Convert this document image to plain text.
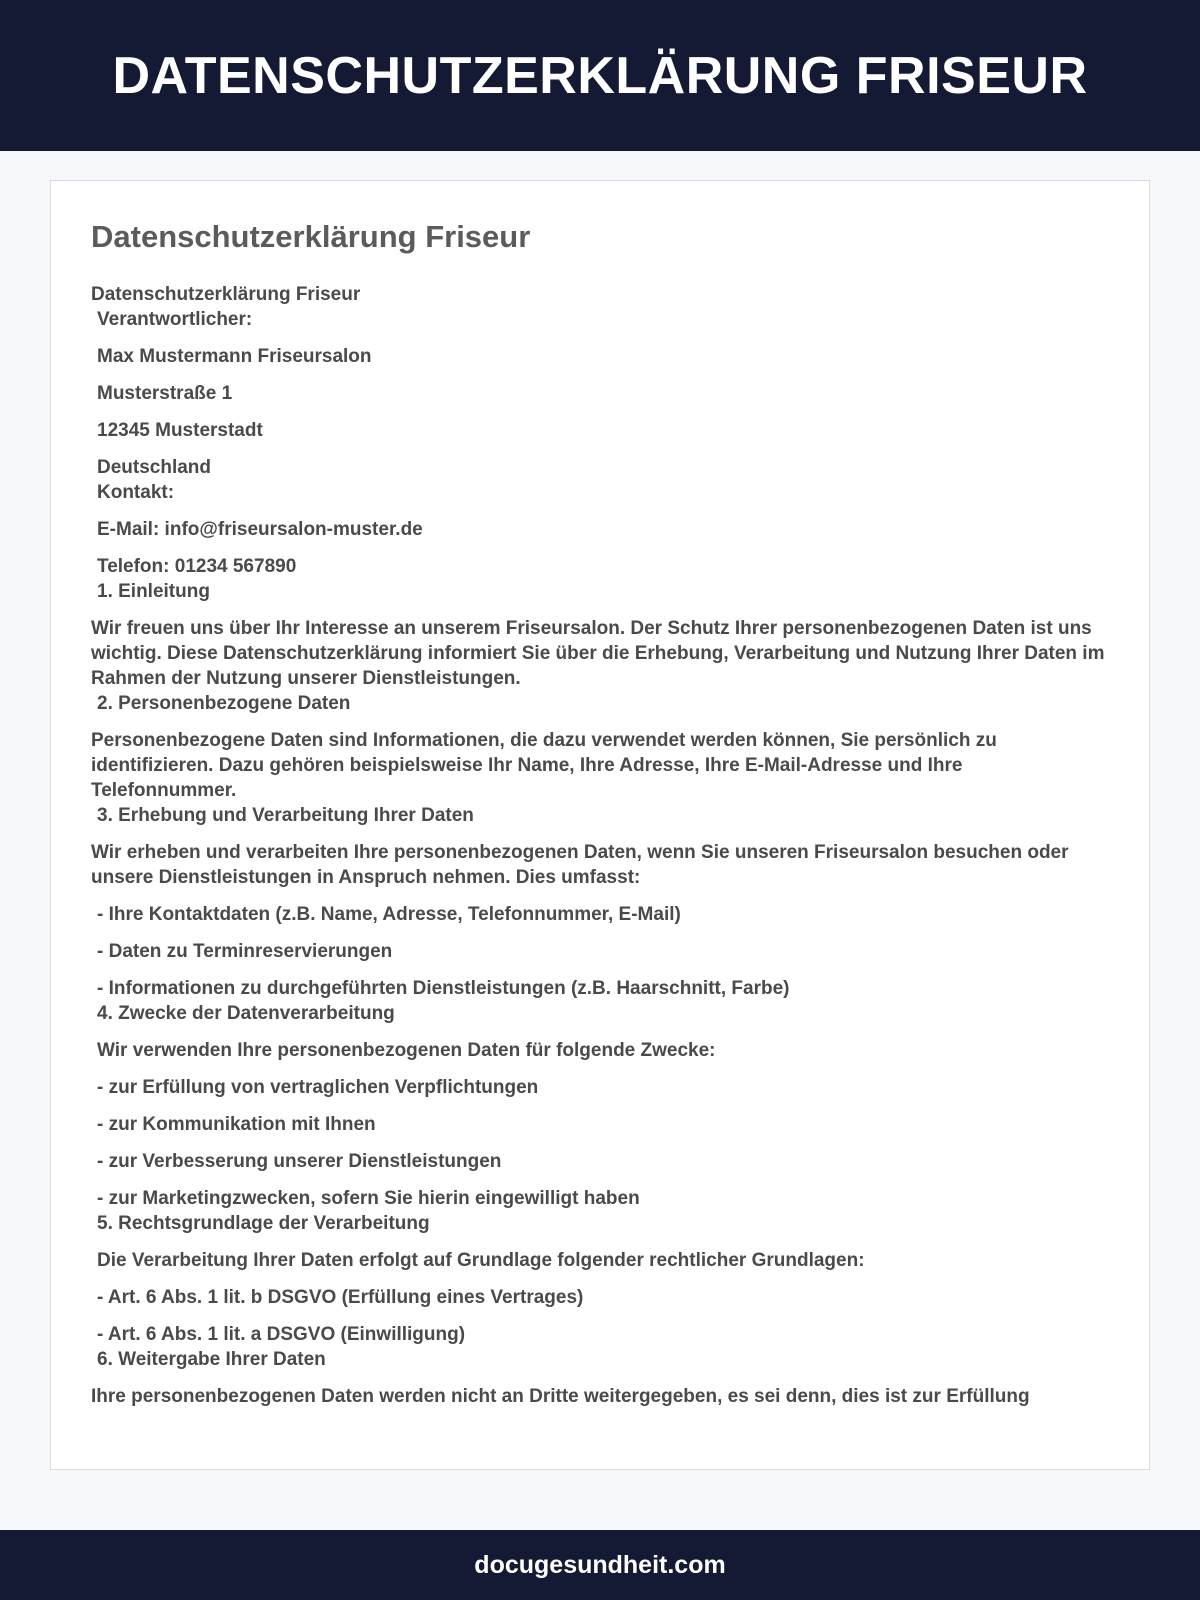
DATENSCHUTZERKLÄRUNG FRISEUR
Datenschutzerklärung Friseur

Datenschutzerklärung Friseur

Verantwortlicher:

Max Mustermann Friseursalon

Musterstraße 1

12345 Musterstadt

Deutschland

Kontakt:

E-Mail: info@friseursalon-muster.de

Telefon: 01234 567890

1. Einleitung

Wir freuen uns über Ihr Interesse an unserem Friseursalon. Der Schutz Ihrer personenbezogenen Daten ist uns wichtig. Diese Datenschutzerklärung informiert Sie über die Erhebung, Verarbeitung und Nutzung Ihrer Daten im Rahmen der Nutzung unserer Dienstleistungen.

2. Personenbezogene Daten

Personenbezogene Daten sind Informationen, die dazu verwendet werden können, Sie persönlich zu identifizieren. Dazu gehören beispielsweise Ihr Name, Ihre Adresse, Ihre E-Mail-Adresse und Ihre Telefonnummer.

3. Erhebung und Verarbeitung Ihrer Daten

Wir erheben und verarbeiten Ihre personenbezogenen Daten, wenn Sie unseren Friseursalon besuchen oder unsere Dienstleistungen in Anspruch nehmen. Dies umfasst:

- Ihre Kontaktdaten (z.B. Name, Adresse, Telefonnummer, E-Mail)

- Daten zu Terminreservierungen

- Informationen zu durchgeführten Dienstleistungen (z.B. Haarschnitt, Farbe)

4. Zwecke der Datenverarbeitung

Wir verwenden Ihre personenbezogenen Daten für folgende Zwecke:

- zur Erfüllung von vertraglichen Verpflichtungen

- zur Kommunikation mit Ihnen

- zur Verbesserung unserer Dienstleistungen

- zur Marketingzwecken, sofern Sie hierin eingewilligt haben

5. Rechtsgrundlage der Verarbeitung

Die Verarbeitung Ihrer Daten erfolgt auf Grundlage folgender rechtlicher Grundlagen:

- Art. 6 Abs. 1 lit. b DSGVO (Erfüllung eines Vertrages)

- Art. 6 Abs. 1 lit. a DSGVO (Einwilligung)

6. Weitergabe Ihrer Daten

Ihre personenbezogenen Daten werden nicht an Dritte weitergegeben, es sei denn, dies ist zur Erfüllung

docugesundheit.com
